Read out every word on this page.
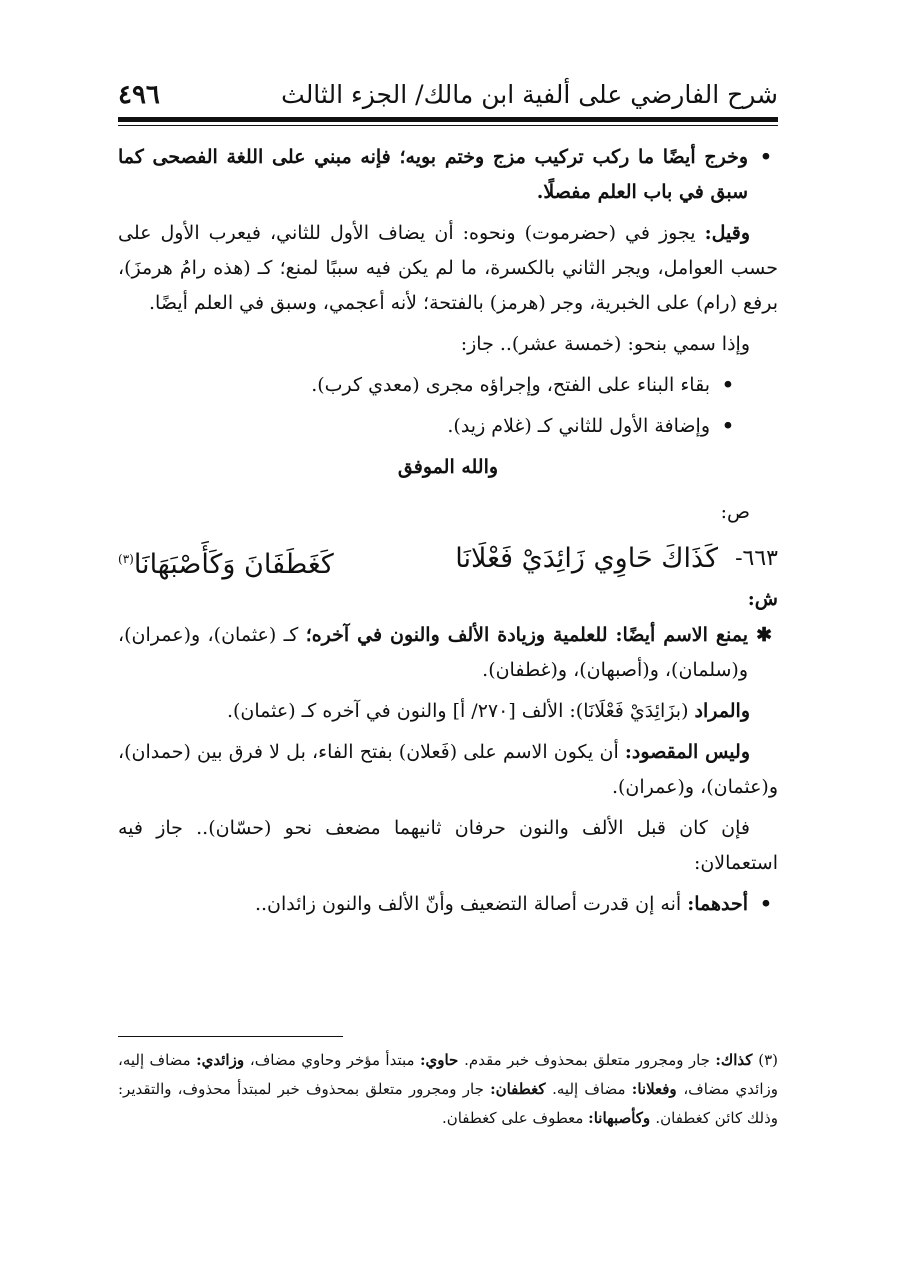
شرح الفارضي على ألفية ابن مالك/ الجزء الثالث
٤٩٦

•
وخرج أيضًا ما ركب تركيب مزج وختم بويه؛ فإنه مبني على اللغة الفصحى كما سبق في باب العلم مفصلًا.

وقيل: يجوز في (حضرموت) ونحوه: أن يضاف الأول للثاني، فيعرب الأول على حسب العوامل، ويجر الثاني بالكسرة، ما لم يكن فيه سببًا لمنع؛ كـ (هذه رامُ هرمزَ)، برفع (رام) على الخبرية، وجر (هرمز) بالفتحة؛ لأنه أعجمي، وسبق في العلم أيضًا.

وإذا سمي بنحو: (خمسة عشر).. جاز:

•
بقاء البناء على الفتح، وإجراؤه مجرى (معدي كرب).

•
وإضافة الأول للثاني كـ (غلام زيد).

والله الموفق

ص:

٦٦٣-
كَذَاكَ حَاوِي زَائِدَيْ فَعْلَانَا
كَغَطَفَانَ وَكَأَصْبَهَانَا$^{(٣)}$

ش:

✱
يمنع الاسم أيضًا: للعلمية وزيادة الألف والنون في آخره؛ كـ (عثمان)، و(عمران)، و(سلمان)، و(أصبهان)، و(غطفان).

والمراد (بزَائِدَيْ فَعْلَانَا): الألف [٢٧٠/ أ] والنون في آخره كـ (عثمان).

وليس المقصود: أن يكون الاسم على (فَعلان) بفتح الفاء، بل لا فرق بين (حمدان)، و(عثمان)، و(عمران).

فإن كان قبل الألف والنون حرفان ثانيهما مضعف نحو (حسّان).. جاز فيه استعمالان:

•
أحدهما: أنه إن قدرت أصالة التضعيف وأنّ الألف والنون زائدان..

(٣) كذاك: جار ومجرور متعلق بمحذوف خبر مقدم. حاوي: مبتدأ مؤخر وحاوي مضاف، وزائدي: مضاف إليه، وزائدي مضاف، وفعلانا: مضاف إليه. كغطفان: جار ومجرور متعلق بمحذوف خبر لمبتدأ محذوف، والتقدير: وذلك كائن كغطفان. وكأصبهانا: معطوف على كغطفان.
